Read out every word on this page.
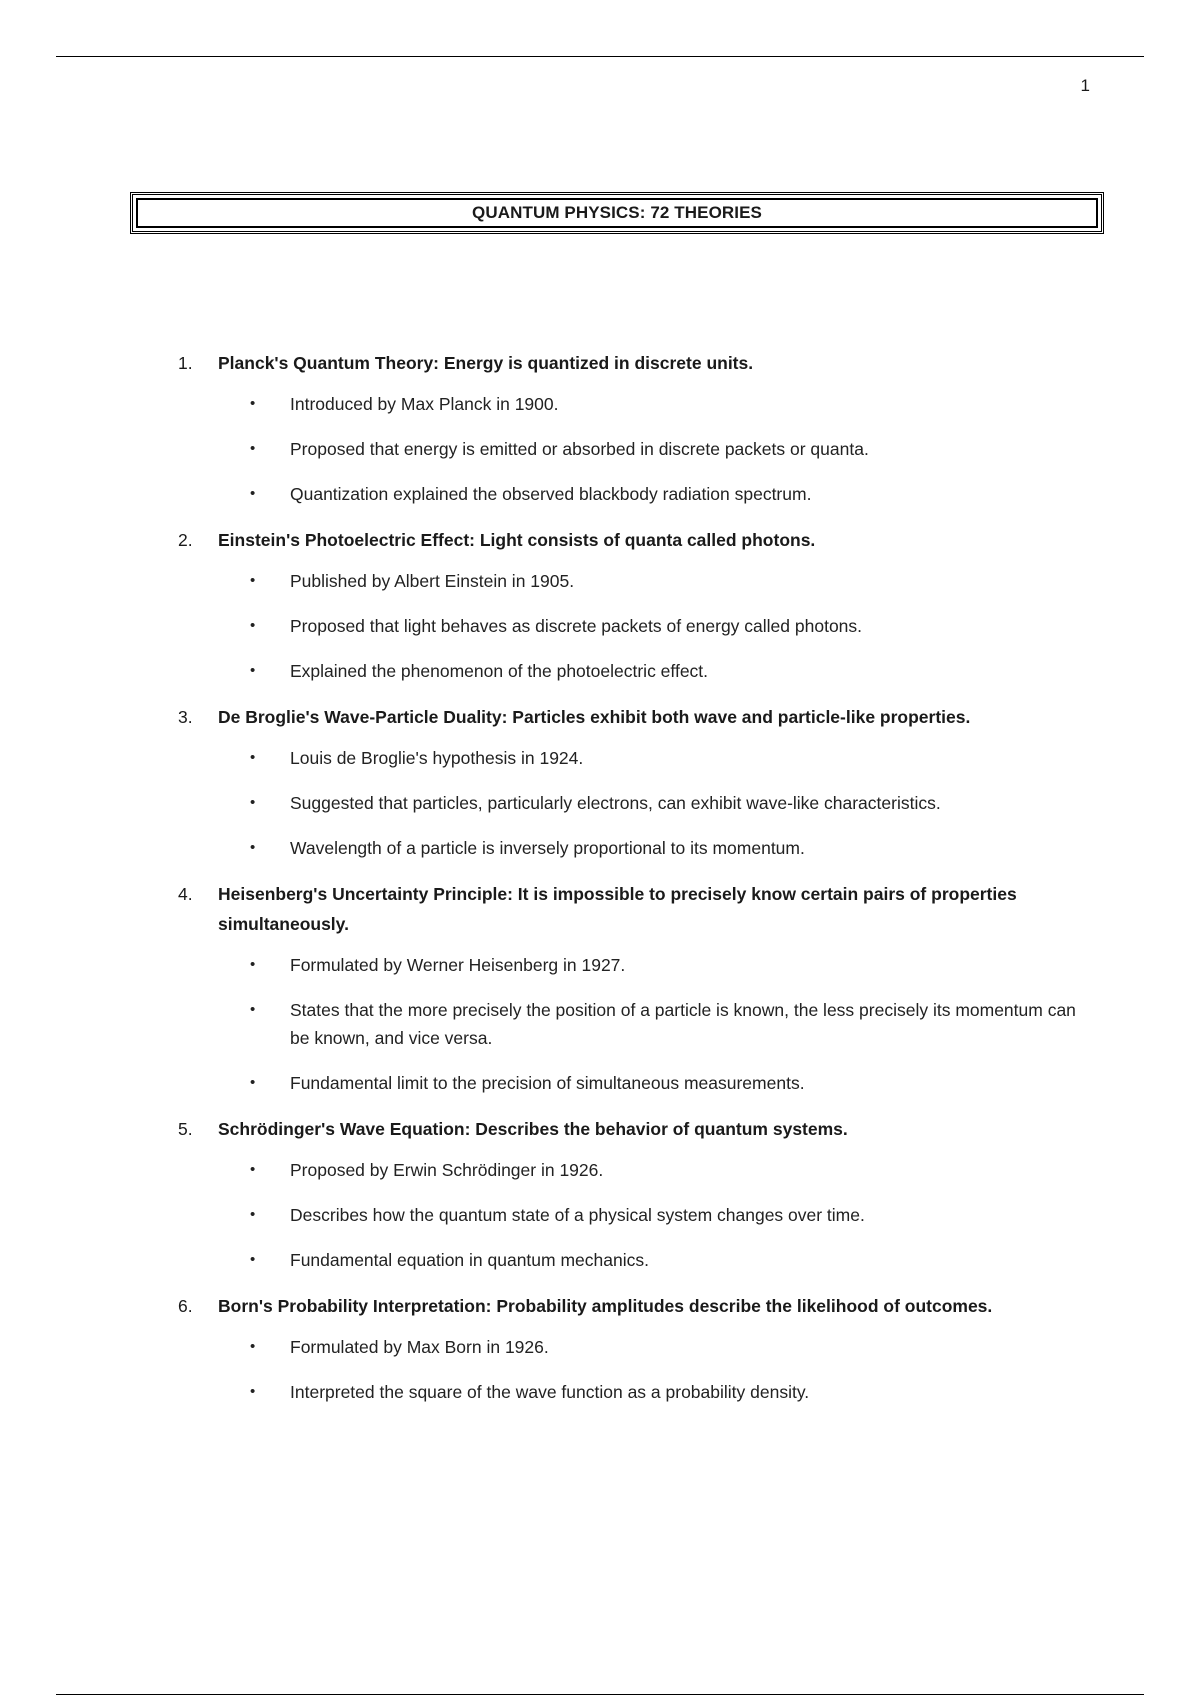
1
QUANTUM PHYSICS: 72 THEORIES
1.	Planck's Quantum Theory: Energy is quantized in discrete units.
•	Introduced by Max Planck in 1900.
•	Proposed that energy is emitted or absorbed in discrete packets or quanta.
•	Quantization explained the observed blackbody radiation spectrum.
2.	Einstein's Photoelectric Effect: Light consists of quanta called photons.
•	Published by Albert Einstein in 1905.
•	Proposed that light behaves as discrete packets of energy called photons.
•	Explained the phenomenon of the photoelectric effect.
3.	De Broglie's Wave-Particle Duality: Particles exhibit both wave and particle-like properties.
•	Louis de Broglie's hypothesis in 1924.
•	Suggested that particles, particularly electrons, can exhibit wave-like characteristics.
•	Wavelength of a particle is inversely proportional to its momentum.
4.	Heisenberg's Uncertainty Principle: It is impossible to precisely know certain pairs of properties simultaneously.
•	Formulated by Werner Heisenberg in 1927.
•	States that the more precisely the position of a particle is known, the less precisely its momentum can be known, and vice versa.
•	Fundamental limit to the precision of simultaneous measurements.
5.	Schrödinger's Wave Equation: Describes the behavior of quantum systems.
•	Proposed by Erwin Schrödinger in 1926.
•	Describes how the quantum state of a physical system changes over time.
•	Fundamental equation in quantum mechanics.
6.	Born's Probability Interpretation: Probability amplitudes describe the likelihood of outcomes.
•	Formulated by Max Born in 1926.
•	Interpreted the square of the wave function as a probability density.
